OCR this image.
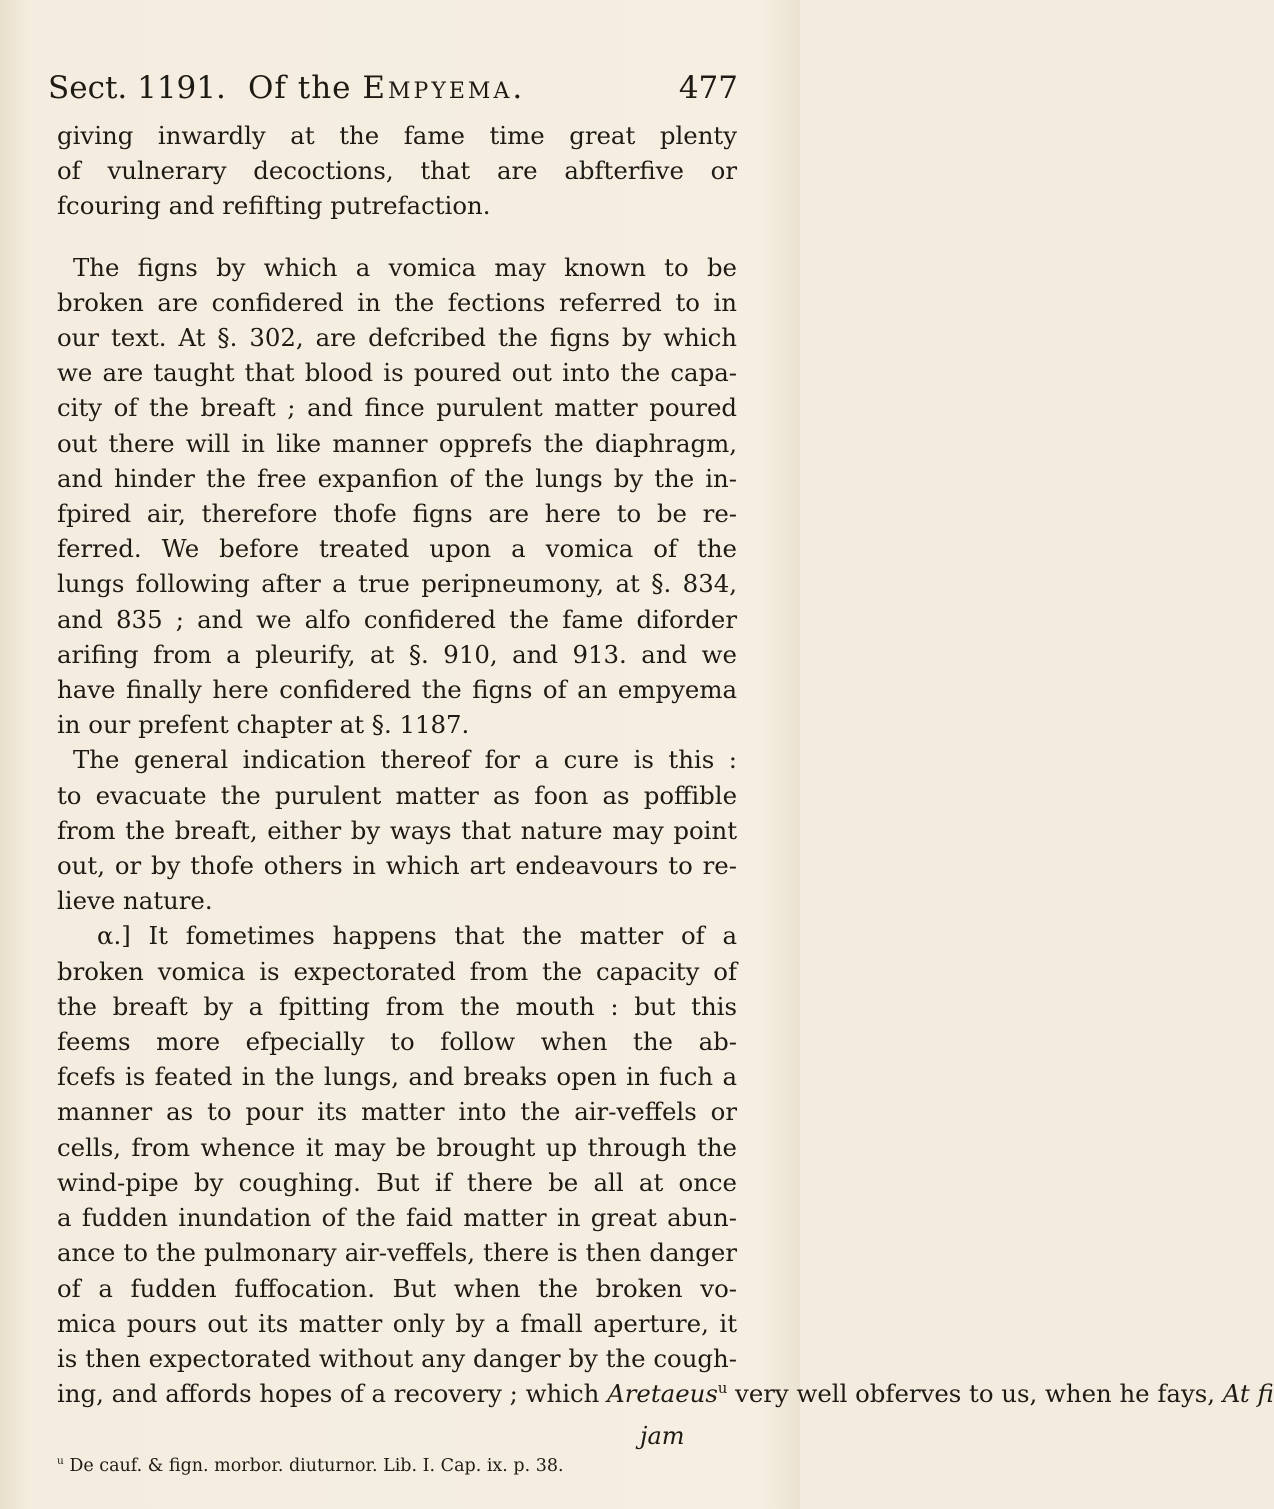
Sect. 1191. Of the Empyema.	477
giving inwardly at the fame time great plenty
of vulnerary decoctions, that are abfterfive or
fcouring and refifting putrefaction.
The figns by which a vomica may known to be
broken are confidered in the fections referred to in
our text. At §. 302, are defcribed the figns by which
we are taught that blood is poured out into the capa-
city of the breaft ; and fince purulent matter poured
out there will in like manner opprefs the diaphragm,
and hinder the free expanfion of the lungs by the in-
fpired air, therefore thofe figns are here to be re-
ferred. We before treated upon a vomica of the
lungs following after a true peripneumony, at §. 834,
and 835 ; and we alfo confidered the fame diforder
arifing from a pleurify, at §. 910, and 913. and we
have finally here confidered the figns of an empyema
in our prefent chapter at §. 1187.
The general indication thereof for a cure is this :
to evacuate the purulent matter as foon as poffible
from the breaft, either by ways that nature may point
out, or by thofe others in which art endeavours to re-
lieve nature.
α.] It fometimes happens that the matter of a
broken vomica is expectorated from the capacity of
the breaft by a fpitting from the mouth : but this
feems more efpecially to follow when the ab-
fcefs is feated in the lungs, and breaks open in fuch a
manner as to pour its matter into the air-veffels or
cells, from whence it may be brought up through the
wind-pipe by coughing. But if there be all at once
a fudden inundation of the faid matter in great abun-
ance to the pulmonary air-veffels, there is then danger
of a fudden fuffocation. But when the broken vo-
mica pours out its matter only by a fmall aperture, it
is then expectorated without any danger by the cough-
ing, and affords hopes of a recovery ; which Aretaeus$^u$ very well obferves to us, when he fays, At fi
jam
$^u$ De cauf. & fign. morbor. diuturnor. Lib. I. Cap. ix. p. 38.
